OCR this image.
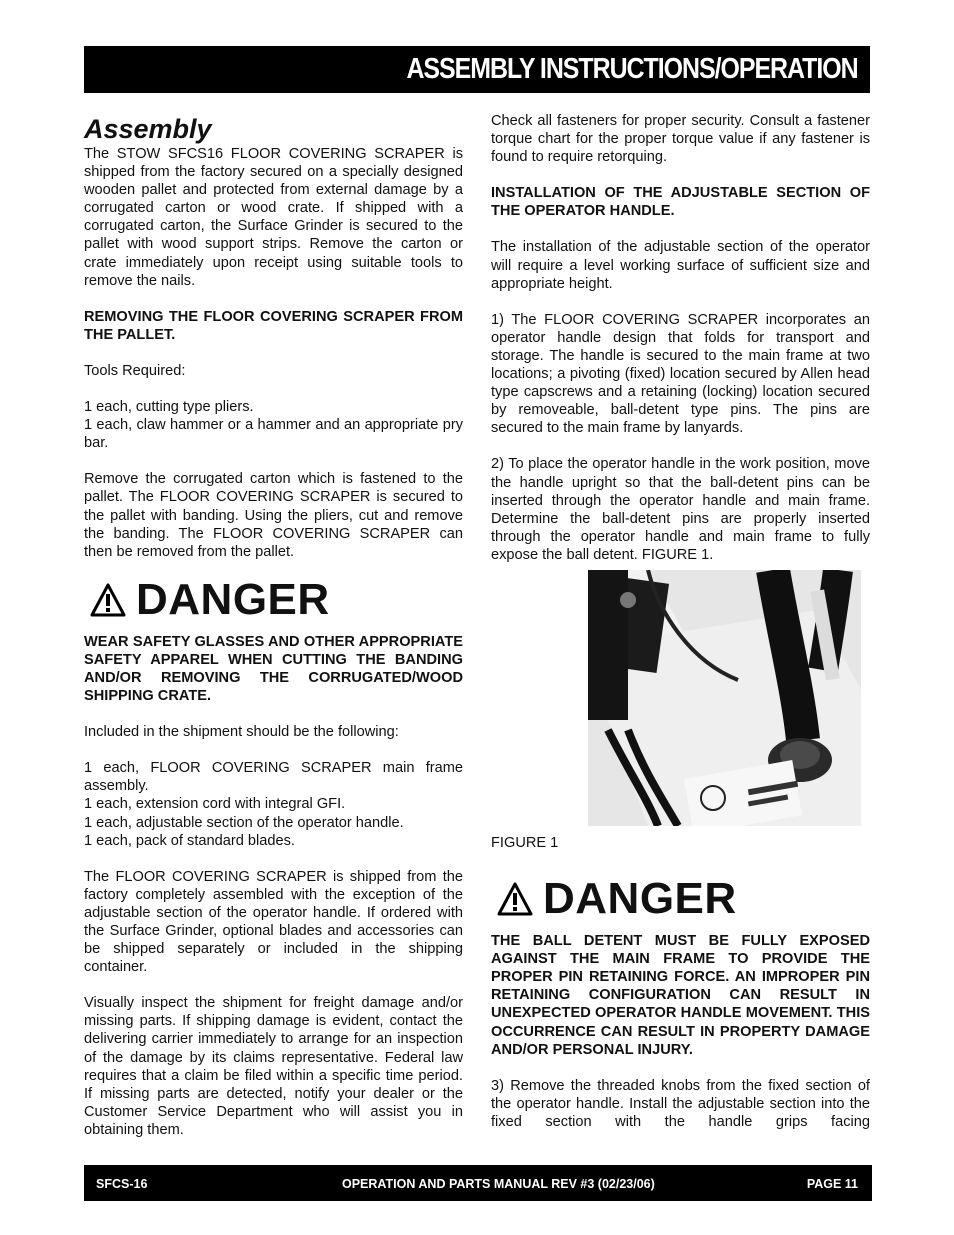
ASSEMBLY INSTRUCTIONS/OPERATION
Assembly

The STOW SFCS16 FLOOR COVERING SCRAPER is shipped from the factory secured on a specially designed wooden pallet and protected from external damage by a corrugated carton or wood crate. If shipped with a corrugated carton, the Surface Grinder is secured to the pallet with wood support strips. Remove the carton or crate immediately upon receipt using suitable tools to remove the nails.

REMOVING THE FLOOR COVERING SCRAPER FROM THE PALLET.

Tools Required:

1 each, cutting type pliers.

1 each, claw hammer or a hammer and an appropriate pry bar.

Remove the corrugated carton which is fastened to the pallet. The FLOOR COVERING SCRAPER is secured to the pallet with banding. Using the pliers, cut and remove the banding. The FLOOR COVERING SCRAPER can then be removed from the pallet.

DANGER

WEAR SAFETY GLASSES AND OTHER APPROPRIATE SAFETY APPAREL WHEN CUTTING THE BANDING AND/OR REMOVING THE CORRUGATED/WOOD SHIPPING CRATE.

Included in the shipment should be the following:

1 each, FLOOR COVERING SCRAPER main frame assembly.

1 each, extension cord with integral GFI.

1 each, adjustable section of the operator handle.

1 each, pack of standard blades.

The FLOOR COVERING SCRAPER is shipped from the factory completely assembled with the exception of the adjustable section of the operator handle. If ordered with the Surface Grinder, optional blades and accessories can be shipped separately or included in the shipping container.

Visually inspect the shipment for freight damage and/or missing parts. If shipping damage is evident, contact the delivering carrier immediately to arrange for an inspection of the damage by its claims representative. Federal law requires that a claim be filed within a specific time period. If missing parts are detected, notify your dealer or the Customer Service Department who will assist you in obtaining them.

Check all fasteners for proper security. Consult a fastener torque chart for the proper torque value if any fastener is found to require retorquing.

INSTALLATION OF THE ADJUSTABLE SECTION OF THE OPERATOR HANDLE.

The installation of the adjustable section of the operator will require a level working surface of sufficient size and appropriate height.

1) The FLOOR COVERING SCRAPER incorporates an operator handle design that folds for transport and storage. The handle is secured to the main frame at two locations; a pivoting (fixed) location secured by Allen head type capscrews and a retaining (locking) location secured by removeable, ball-detent type pins. The pins are secured to the main frame by lanyards.

2) To place the operator handle in the work position, move the handle upright so that the ball-detent pins can be inserted through the operator handle and main frame. Determine the ball-detent pins are properly inserted through the operator handle and main frame to fully expose the ball detent. FIGURE 1.

FIGURE 1

DANGER

THE BALL DETENT MUST BE FULLY EXPOSED AGAINST THE MAIN FRAME TO PROVIDE THE PROPER PIN RETAINING FORCE. AN IMPROPER PIN RETAINING CONFIGURATION CAN RESULT IN UNEXPECTED OPERATOR HANDLE MOVEMENT. THIS OCCURRENCE CAN RESULT IN PROPERTY DAMAGE AND/OR PERSONAL INJURY.

3) Remove the threaded knobs from the fixed section of the operator handle. Install the adjustable section into the fixed section with the handle grips facing

SFCS-16	OPERATION AND PARTS MANUAL REV #3 (02/23/06)	PAGE 11
